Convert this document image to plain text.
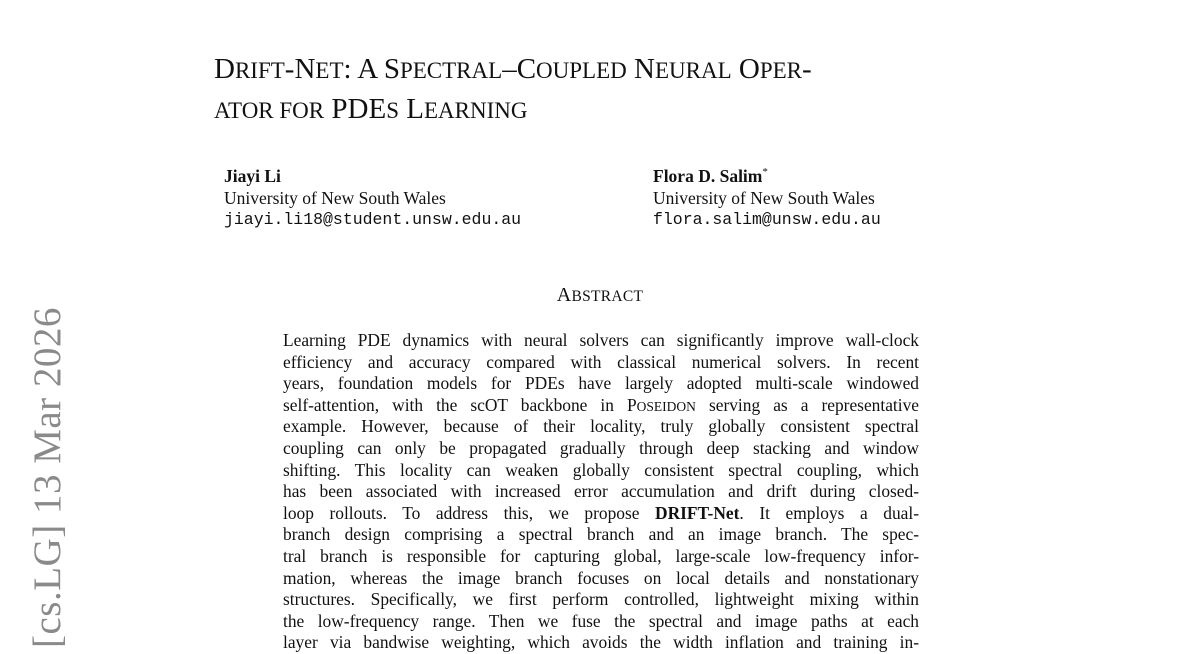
[cs.LG] 13 Mar 2026
DRIFT-NET: A SPECTRAL–COUPLED NEURAL OPER-
ATOR FOR PDES LEARNING
Jiayi Li
University of New South Wales
jiayi.li18@student.unsw.edu.au
Flora D. Salim*
University of New South Wales
flora.salim@unsw.edu.au
ABSTRACT
Learning PDE dynamics with neural solvers can significantly improve wall-clock
efficiency and accuracy compared with classical numerical solvers. In recent
years, foundation models for PDEs have largely adopted multi-scale windowed
self-attention, with the scOT backbone in POSEIDON serving as a representative
example. However, because of their locality, truly globally consistent spectral
coupling can only be propagated gradually through deep stacking and window
shifting. This locality can weaken globally consistent spectral coupling, which
has been associated with increased error accumulation and drift during closed-
loop rollouts. To address this, we propose DRIFT-Net. It employs a dual-
branch design comprising a spectral branch and an image branch. The spec-
tral branch is responsible for capturing global, large-scale low-frequency infor-
mation, whereas the image branch focuses on local details and nonstationary
structures. Specifically, we first perform controlled, lightweight mixing within
the low-frequency range. Then we fuse the spectral and image paths at each
layer via bandwise weighting, which avoids the width inflation and training in-
